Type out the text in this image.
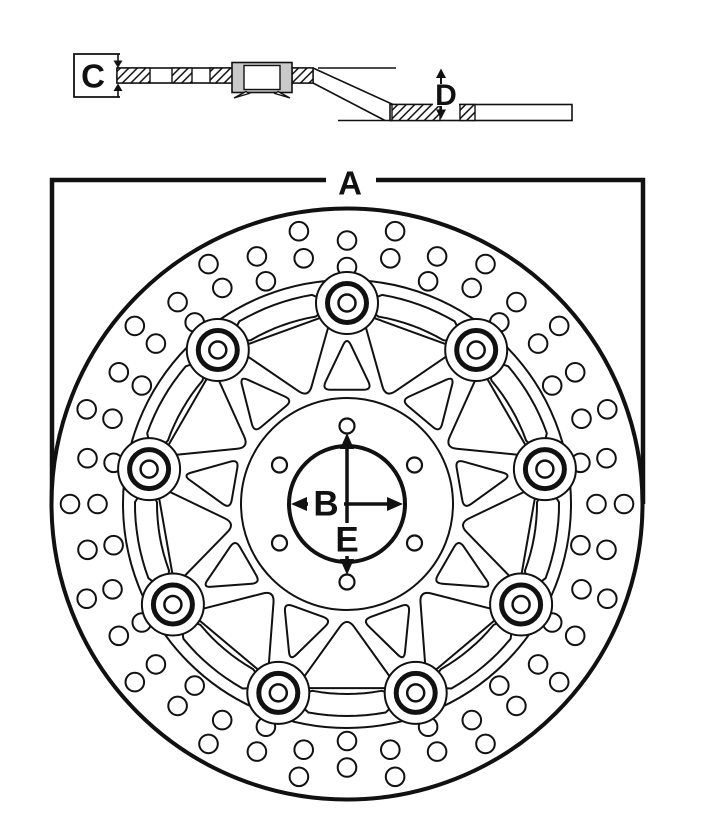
C
D
A
B
E
